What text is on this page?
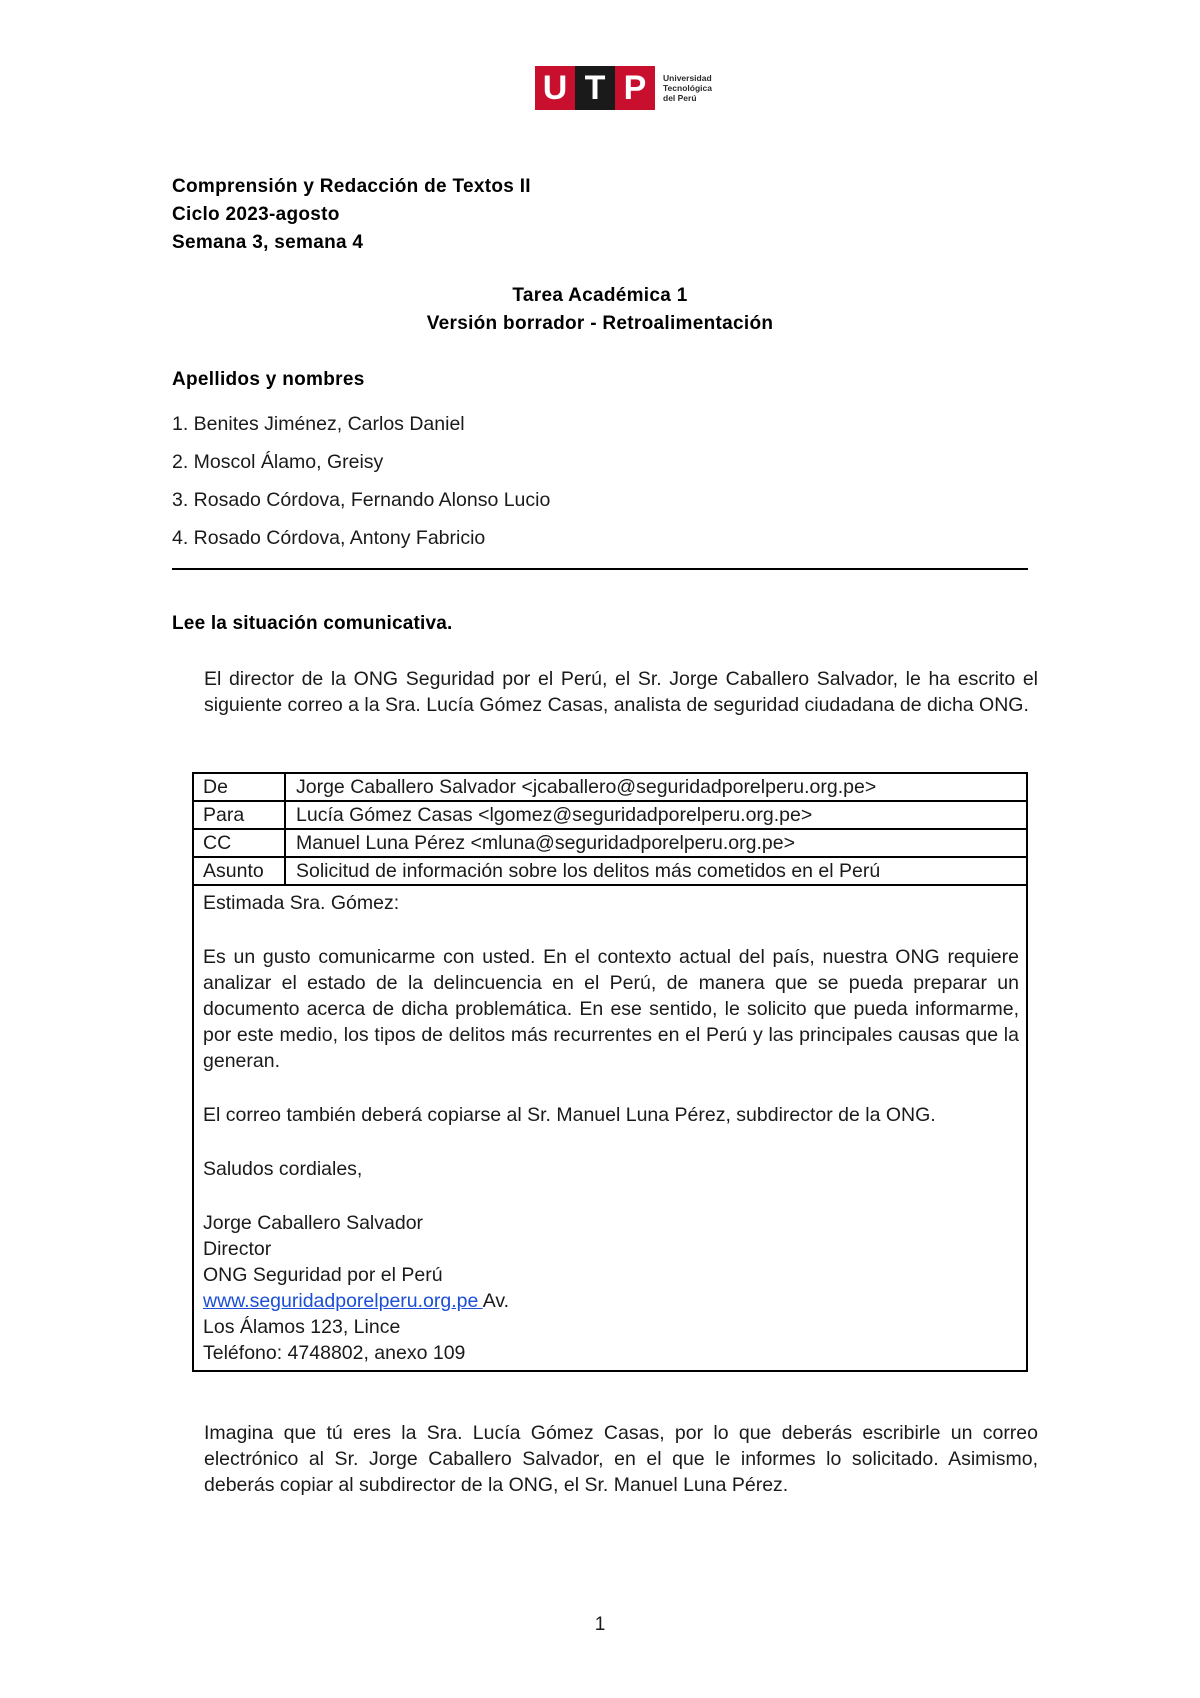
U T P	Universidad
Tecnológica
del Perú
Comprensión y Redacción de Textos II
Ciclo 2023-agosto
Semana 3, semana 4
Tarea Académica 1
Versión borrador - Retroalimentación
Apellidos y nombres
1. Benites Jiménez, Carlos Daniel
2. Moscol Álamo, Greisy
3. Rosado Córdova, Fernando Alonso Lucio
4. Rosado Córdova, Antony Fabricio
Lee la situación comunicativa.
El director de la ONG Seguridad por el Perú, el Sr. Jorge Caballero Salvador, le ha escrito el siguiente correo a la Sra. Lucía Gómez Casas, analista de seguridad ciudadana de dicha ONG.
De	Jorge Caballero Salvador <jcaballero@seguridadporelperu.org.pe>
Para	Lucía Gómez Casas <lgomez@seguridadporelperu.org.pe>
CC	Manuel Luna Pérez <mluna@seguridadporelperu.org.pe>
Asunto	Solicitud de información sobre los delitos más cometidos en el Perú

Estimada Sra. Gómez:

Es un gusto comunicarme con usted. En el contexto actual del país, nuestra ONG requiere analizar el estado de la delincuencia en el Perú, de manera que se pueda preparar un documento acerca de dicha problemática. En ese sentido, le solicito que pueda informarme, por este medio, los tipos de delitos más recurrentes en el Perú y las principales causas que la generan.

El correo también deberá copiarse al Sr. Manuel Luna Pérez, subdirector de la ONG.

Saludos cordiales,

Jorge Caballero Salvador
Director
ONG Seguridad por el Perú
www.seguridadporelperu.org.pe Av.
Los Álamos 123, Lince
Teléfono: 4748802, anexo 109

Imagina que tú eres la Sra. Lucía Gómez Casas, por lo que deberás escribirle un correo electrónico al Sr. Jorge Caballero Salvador, en el que le informes lo solicitado. Asimismo, deberás copiar al subdirector de la ONG, el Sr. Manuel Luna Pérez.
1
